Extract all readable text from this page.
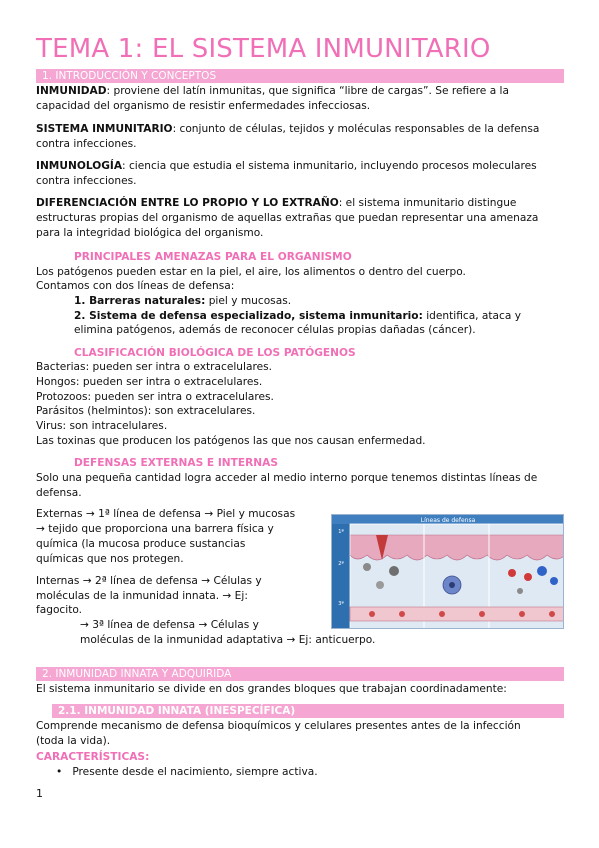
TEMA 1: EL SISTEMA INMUNITARIO
1. INTRODUCCIÓN Y CONCEPTOS
INMUNIDAD: proviene del latín inmunitas, que significa “libre de cargas”. Se refiere a la
capacidad del organismo de resistir enfermedades infecciosas.
SISTEMA INMUNITARIO: conjunto de células, tejidos y moléculas responsables de la defensa
contra infecciones.
INMUNOLOGÍA: ciencia que estudia el sistema inmunitario, incluyendo procesos moleculares
contra infecciones.
DIFERENCIACIÓN ENTRE LO PROPIO Y LO EXTRAÑO: el sistema inmunitario distingue
estructuras propias del organismo de aquellas extrañas que puedan representar una amenaza
para la integridad biológica del organismo.
PRINCIPALES AMENAZAS PARA EL ORGANISMO
Los patógenos pueden estar en la piel, el aire, los alimentos o dentro del cuerpo.
Contamos con dos líneas de defensa:
1. Barreras naturales: piel y mucosas.
2. Sistema de defensa especializado, sistema inmunitario: identifica, ataca y
elimina patógenos, además de reconocer células propias dañadas (cáncer).
CLASIFICACIÓN BIOLÓGICA DE LOS PATÓGENOS
Bacterias: pueden ser intra o extracelulares.
Hongos: pueden ser intra o extracelulares.
Protozoos: pueden ser intra o extracelulares.
Parásitos (helmintos): son extracelulares.
Virus: son intracelulares.
Las toxinas que producen los patógenos las que nos causan enfermedad.
DEFENSAS EXTERNAS E INTERNAS
Solo una pequeña cantidad logra acceder al medio interno porque tenemos distintas líneas de
defensa.
Externas → 1ª línea de defensa → Piel y mucosas
→ tejido que proporciona una barrera física y
química (la mucosa produce sustancias
químicas que nos protegen.
Internas → 2ª línea de defensa → Células y
moléculas de la inmunidad innata. → Ej:
fagocito.
→ 3ª línea de defensa → Células y
moléculas de la inmunidad adaptativa → Ej: anticuerpo.
Líneas de defensa
1ª
2ª
3ª
2. INMUNIDAD INNATA Y ADQUIRIDA
El sistema inmunitario se divide en dos grandes bloques que trabajan coordinadamente:
2.1. INMUNIDAD INNATA (INESPECÍFICA)
Comprende mecanismo de defensa bioquímicos y celulares presentes antes de la infección
(toda la vida).
CARACTERÍSTICAS:
•   Presente desde el nacimiento, siempre activa.
1
